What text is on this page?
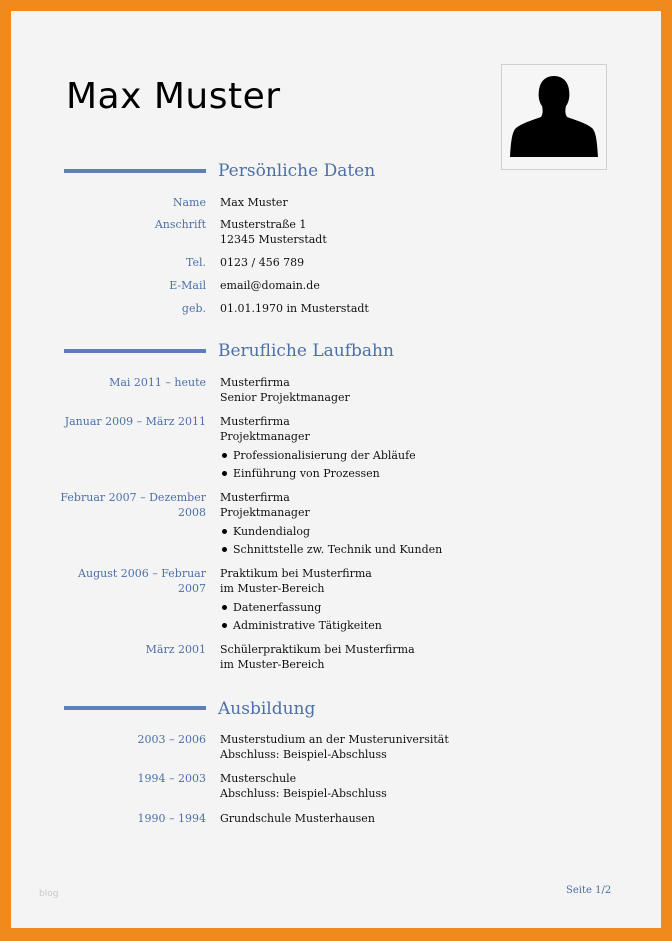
Max Muster
Persönliche Daten
Name Max Muster
Anschrift Musterstraße 1
12345 Musterstadt
Tel. 0123 / 456 789
E-Mail email@domain.de
geb. 01.01.1970 in Musterstadt
Berufliche Laufbahn
Mai 2011 – heute Musterfirma
Senior Projektmanager
Januar 2009 – März 2011 Musterfirma
Projektmanager
Professionalisierung der Abläufe
Einführung von Prozessen
Februar 2007 – Dezember
2008
Musterfirma
Projektmanager
Kundendialog
Schnittstelle zw. Technik und Kunden
August 2006 – Februar
2007
Praktikum bei Musterfirma
im Muster-Bereich
Datenerfassung
Administrative Tätigkeiten
März 2001 Schülerpraktikum bei Musterfirma
im Muster-Bereich
Ausbildung
2003 – 2006 Musterstudium an der Musteruniversität
Abschluss: Beispiel-Abschluss
1994 – 2003 Musterschule
Abschluss: Beispiel-Abschluss
1990 – 1994 Grundschule Musterhausen
blog	Seite 1/2
